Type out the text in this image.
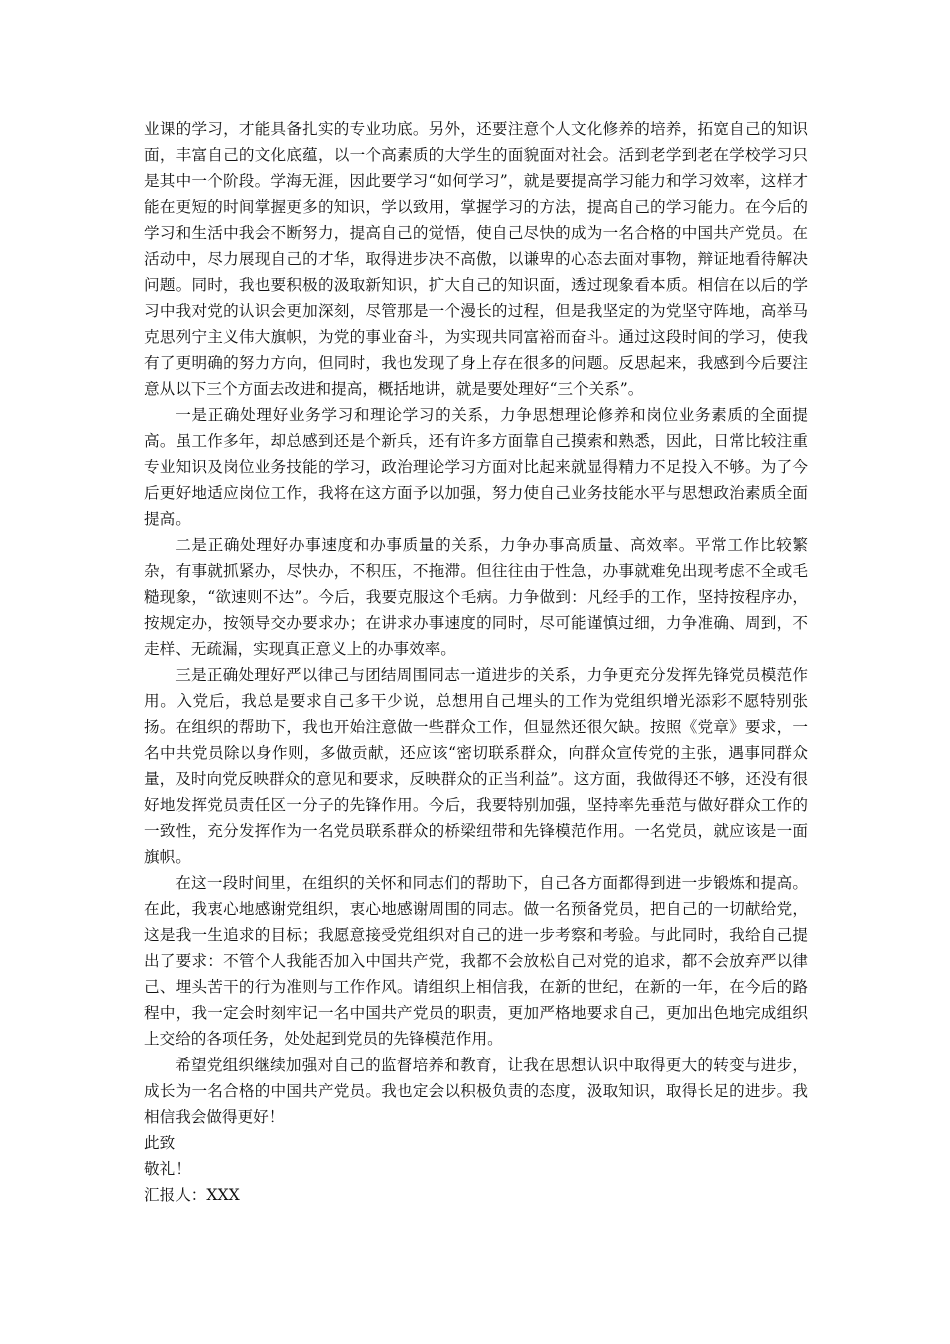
业课的学习，才能具备扎实的专业功底。另外，还要注意个人文化修养的培养，拓宽自己的知识面，丰富自己的文化底蕴，以一个高素质的大学生的面貌面对社会。活到老学到老在学校学习只是其中一个阶段。学海无涯，因此要学习“如何学习”，就是要提高学习能力和学习效率，这样才能在更短的时间掌握更多的知识，学以致用，掌握学习的方法，提高自己的学习能力。在今后的学习和生活中我会不断努力，提高自己的觉悟，使自己尽快的成为一名合格的中国共产党员。在活动中，尽力展现自己的才华，取得进步决不高傲，以谦卑的心态去面对事物，辩证地看待解决问题。同时，我也要积极的汲取新知识，扩大自己的知识面，透过现象看本质。相信在以后的学习中我对党的认识会更加深刻，尽管那是一个漫长的过程，但是我坚定的为党坚守阵地，高举马克思列宁主义伟大旗帜，为党的事业奋斗，为实现共同富裕而奋斗。通过这段时间的学习，使我有了更明确的努力方向，但同时，我也发现了身上存在很多的问题。反思起来，我感到今后要注意从以下三个方面去改进和提高，概括地讲，就是要处理好“三个关系”。

一是正确处理好业务学习和理论学习的关系，力争思想理论修养和岗位业务素质的全面提高。虽工作多年，却总感到还是个新兵，还有许多方面靠自己摸索和熟悉，因此，日常比较注重专业知识及岗位业务技能的学习，政治理论学习方面对比起来就显得精力不足投入不够。为了今后更好地适应岗位工作，我将在这方面予以加强，努力使自己业务技能水平与思想政治素质全面提高。

二是正确处理好办事速度和办事质量的关系，力争办事高质量、高效率。平常工作比较繁杂，有事就抓紧办，尽快办，不积压，不拖滞。但往往由于性急，办事就难免出现考虑不全或毛糙现象，“欲速则不达”。今后，我要克服这个毛病。力争做到：凡经手的工作，坚持按程序办，按规定办，按领导交办要求办；在讲求办事速度的同时，尽可能谨慎过细，力争准确、周到，不走样、无疏漏，实现真正意义上的办事效率。

三是正确处理好严以律己与团结周围同志一道进步的关系，力争更充分发挥先锋党员模范作用。入党后，我总是要求自己多干少说，总想用自己埋头的工作为党组织增光添彩不愿特别张扬。在组织的帮助下，我也开始注意做一些群众工作，但显然还很欠缺。按照《党章》要求，一名中共党员除以身作则，多做贡献，还应该“密切联系群众，向群众宣传党的主张，遇事同群众量，及时向党反映群众的意见和要求，反映群众的正当利益”。这方面，我做得还不够，还没有很好地发挥党员责任区一分子的先锋作用。今后，我要特别加强，坚持率先垂范与做好群众工作的一致性，充分发挥作为一名党员联系群众的桥梁纽带和先锋模范作用。一名党员，就应该是一面旗帜。

在这一段时间里，在组织的关怀和同志们的帮助下，自己各方面都得到进一步锻炼和提高。在此，我衷心地感谢党组织，衷心地感谢周围的同志。做一名预备党员，把自己的一切献给党，这是我一生追求的目标；我愿意接受党组织对自己的进一步考察和考验。与此同时，我给自己提出了要求：不管个人我能否加入中国共产党，我都不会放松自己对党的追求，都不会放弃严以律己、埋头苦干的行为准则与工作作风。请组织上相信我，在新的世纪，在新的一年，在今后的路程中，我一定会时刻牢记一名中国共产党员的职责，更加严格地要求自己，更加出色地完成组织上交给的各项任务，处处起到党员的先锋模范作用。

希望党组织继续加强对自己的监督培养和教育，让我在思想认识中取得更大的转变与进步，成长为一名合格的中国共产党员。我也定会以积极负责的态度，汲取知识，取得长足的进步。我相信我会做得更好！

此致

敬礼！

汇报人：XXX
